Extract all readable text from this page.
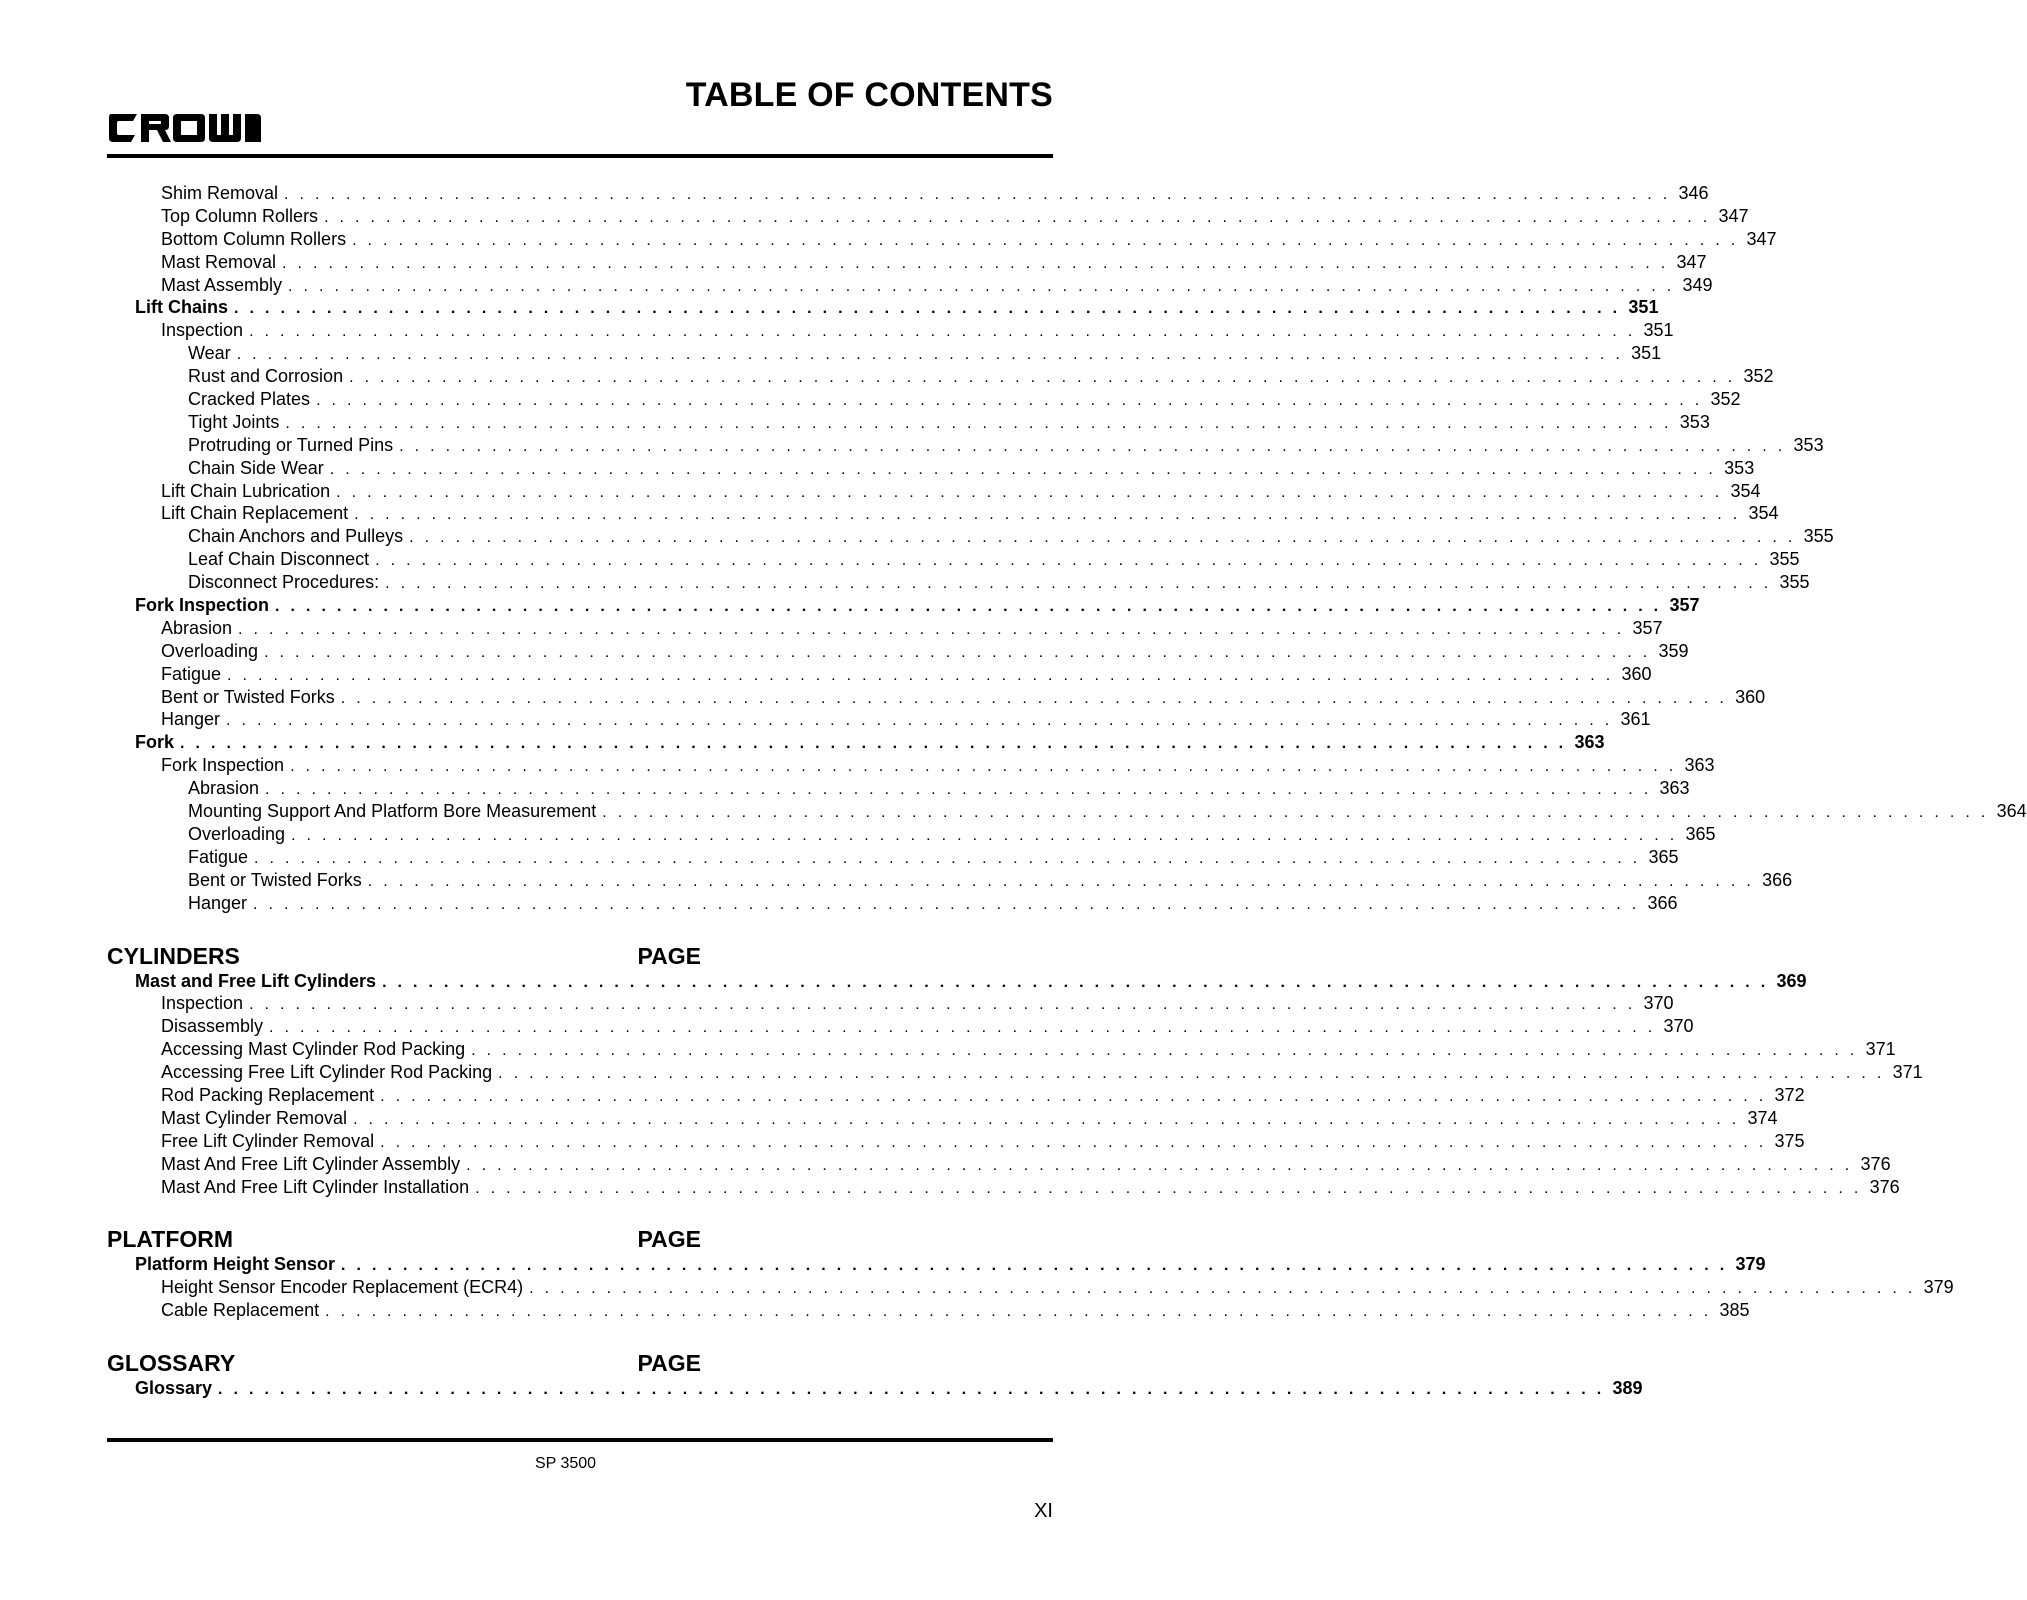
TABLE OF CONTENTS
Shim Removal . . . . . . . . . . . . . . . . . . . . . . . . . . . . . . . . . . . . . . . . . . . . . . . . . . . . . . . . . . . . . . . . . . . . . . . . . . . . . . . . . . . . . . . . . . 346
Top Column Rollers . . . . . . . . . . . . . . . . . . . . . . . . . . . . . . . . . . . . . . . . . . . . . . . . . . . . . . . . . . . . . . . . . . . . . . . . . . . . . . . . . . . . . . . . . . 347
Bottom Column Rollers . . . . . . . . . . . . . . . . . . . . . . . . . . . . . . . . . . . . . . . . . . . . . . . . . . . . . . . . . . . . . . . . . . . . . . . . . . . . . . . . . . . . . . . . . . 347
Mast Removal . . . . . . . . . . . . . . . . . . . . . . . . . . . . . . . . . . . . . . . . . . . . . . . . . . . . . . . . . . . . . . . . . . . . . . . . . . . . . . . . . . . . . . . . . . 347
Mast Assembly . . . . . . . . . . . . . . . . . . . . . . . . . . . . . . . . . . . . . . . . . . . . . . . . . . . . . . . . . . . . . . . . . . . . . . . . . . . . . . . . . . . . . . . . . . 349
Lift Chains . . . . . . . . . . . . . . . . . . . . . . . . . . . . . . . . . . . . . . . . . . . . . . . . . . . . . . . . . . . . . . . . . . . . . . . . . . . . . . . . . . . . . . . . . . 351
Inspection . . . . . . . . . . . . . . . . . . . . . . . . . . . . . . . . . . . . . . . . . . . . . . . . . . . . . . . . . . . . . . . . . . . . . . . . . . . . . . . . . . . . . . . . . . 351
Wear . . . . . . . . . . . . . . . . . . . . . . . . . . . . . . . . . . . . . . . . . . . . . . . . . . . . . . . . . . . . . . . . . . . . . . . . . . . . . . . . . . . . . . . . . . 351
Rust and Corrosion . . . . . . . . . . . . . . . . . . . . . . . . . . . . . . . . . . . . . . . . . . . . . . . . . . . . . . . . . . . . . . . . . . . . . . . . . . . . . . . . . . . . . . . . . . 352
Cracked Plates . . . . . . . . . . . . . . . . . . . . . . . . . . . . . . . . . . . . . . . . . . . . . . . . . . . . . . . . . . . . . . . . . . . . . . . . . . . . . . . . . . . . . . . . . . 352
Tight Joints . . . . . . . . . . . . . . . . . . . . . . . . . . . . . . . . . . . . . . . . . . . . . . . . . . . . . . . . . . . . . . . . . . . . . . . . . . . . . . . . . . . . . . . . . . 353
Protruding or Turned Pins . . . . . . . . . . . . . . . . . . . . . . . . . . . . . . . . . . . . . . . . . . . . . . . . . . . . . . . . . . . . . . . . . . . . . . . . . . . . . . . . . . . . . . . . . . 353
Chain Side Wear . . . . . . . . . . . . . . . . . . . . . . . . . . . . . . . . . . . . . . . . . . . . . . . . . . . . . . . . . . . . . . . . . . . . . . . . . . . . . . . . . . . . . . . . . . 353
Lift Chain Lubrication . . . . . . . . . . . . . . . . . . . . . . . . . . . . . . . . . . . . . . . . . . . . . . . . . . . . . . . . . . . . . . . . . . . . . . . . . . . . . . . . . . . . . . . . . . 354
Lift Chain Replacement . . . . . . . . . . . . . . . . . . . . . . . . . . . . . . . . . . . . . . . . . . . . . . . . . . . . . . . . . . . . . . . . . . . . . . . . . . . . . . . . . . . . . . . . . . 354
Chain Anchors and Pulleys . . . . . . . . . . . . . . . . . . . . . . . . . . . . . . . . . . . . . . . . . . . . . . . . . . . . . . . . . . . . . . . . . . . . . . . . . . . . . . . . . . . . . . . . . . 355
Leaf Chain Disconnect . . . . . . . . . . . . . . . . . . . . . . . . . . . . . . . . . . . . . . . . . . . . . . . . . . . . . . . . . . . . . . . . . . . . . . . . . . . . . . . . . . . . . . . . . . 355
Disconnect Procedures: . . . . . . . . . . . . . . . . . . . . . . . . . . . . . . . . . . . . . . . . . . . . . . . . . . . . . . . . . . . . . . . . . . . . . . . . . . . . . . . . . . . . . . . . . . 355
Fork Inspection . . . . . . . . . . . . . . . . . . . . . . . . . . . . . . . . . . . . . . . . . . . . . . . . . . . . . . . . . . . . . . . . . . . . . . . . . . . . . . . . . . . . . . . . . . 357
Abrasion . . . . . . . . . . . . . . . . . . . . . . . . . . . . . . . . . . . . . . . . . . . . . . . . . . . . . . . . . . . . . . . . . . . . . . . . . . . . . . . . . . . . . . . . . . 357
Overloading . . . . . . . . . . . . . . . . . . . . . . . . . . . . . . . . . . . . . . . . . . . . . . . . . . . . . . . . . . . . . . . . . . . . . . . . . . . . . . . . . . . . . . . . . . 359
Fatigue . . . . . . . . . . . . . . . . . . . . . . . . . . . . . . . . . . . . . . . . . . . . . . . . . . . . . . . . . . . . . . . . . . . . . . . . . . . . . . . . . . . . . . . . . . 360
Bent or Twisted Forks . . . . . . . . . . . . . . . . . . . . . . . . . . . . . . . . . . . . . . . . . . . . . . . . . . . . . . . . . . . . . . . . . . . . . . . . . . . . . . . . . . . . . . . . . . 360
Hanger . . . . . . . . . . . . . . . . . . . . . . . . . . . . . . . . . . . . . . . . . . . . . . . . . . . . . . . . . . . . . . . . . . . . . . . . . . . . . . . . . . . . . . . . . . 361
Fork . . . . . . . . . . . . . . . . . . . . . . . . . . . . . . . . . . . . . . . . . . . . . . . . . . . . . . . . . . . . . . . . . . . . . . . . . . . . . . . . . . . . . . . . . . 363
Fork Inspection . . . . . . . . . . . . . . . . . . . . . . . . . . . . . . . . . . . . . . . . . . . . . . . . . . . . . . . . . . . . . . . . . . . . . . . . . . . . . . . . . . . . . . . . . . 363
Abrasion . . . . . . . . . . . . . . . . . . . . . . . . . . . . . . . . . . . . . . . . . . . . . . . . . . . . . . . . . . . . . . . . . . . . . . . . . . . . . . . . . . . . . . . . . . 363
Mounting Support And Platform Bore Measurement . . . . . . . . . . . . . . . . . . . . . . . . . . . . . . . . . . . . . . . . . . . . . . . . . . . . . . . . . . . . . . . . . . . . . . . . . . . . . . . . . . . . . . . . . . 364
Overloading . . . . . . . . . . . . . . . . . . . . . . . . . . . . . . . . . . . . . . . . . . . . . . . . . . . . . . . . . . . . . . . . . . . . . . . . . . . . . . . . . . . . . . . . . . 365
Fatigue . . . . . . . . . . . . . . . . . . . . . . . . . . . . . . . . . . . . . . . . . . . . . . . . . . . . . . . . . . . . . . . . . . . . . . . . . . . . . . . . . . . . . . . . . . 365
Bent or Twisted Forks . . . . . . . . . . . . . . . . . . . . . . . . . . . . . . . . . . . . . . . . . . . . . . . . . . . . . . . . . . . . . . . . . . . . . . . . . . . . . . . . . . . . . . . . . . 366
Hanger . . . . . . . . . . . . . . . . . . . . . . . . . . . . . . . . . . . . . . . . . . . . . . . . . . . . . . . . . . . . . . . . . . . . . . . . . . . . . . . . . . . . . . . . . . 366
CYLINDERS	PAGE
Mast and Free Lift Cylinders . . . . . . . . . . . . . . . . . . . . . . . . . . . . . . . . . . . . . . . . . . . . . . . . . . . . . . . . . . . . . . . . . . . . . . . . . . . . . . . . . . . . . . . . . . 369
Inspection . . . . . . . . . . . . . . . . . . . . . . . . . . . . . . . . . . . . . . . . . . . . . . . . . . . . . . . . . . . . . . . . . . . . . . . . . . . . . . . . . . . . . . . . . . 370
Disassembly . . . . . . . . . . . . . . . . . . . . . . . . . . . . . . . . . . . . . . . . . . . . . . . . . . . . . . . . . . . . . . . . . . . . . . . . . . . . . . . . . . . . . . . . . . 370
Accessing Mast Cylinder Rod Packing . . . . . . . . . . . . . . . . . . . . . . . . . . . . . . . . . . . . . . . . . . . . . . . . . . . . . . . . . . . . . . . . . . . . . . . . . . . . . . . . . . . . . . . . . . 371
Accessing Free Lift Cylinder Rod Packing . . . . . . . . . . . . . . . . . . . . . . . . . . . . . . . . . . . . . . . . . . . . . . . . . . . . . . . . . . . . . . . . . . . . . . . . . . . . . . . . . . . . . . . . . . 371
Rod Packing Replacement . . . . . . . . . . . . . . . . . . . . . . . . . . . . . . . . . . . . . . . . . . . . . . . . . . . . . . . . . . . . . . . . . . . . . . . . . . . . . . . . . . . . . . . . . . 372
Mast Cylinder Removal . . . . . . . . . . . . . . . . . . . . . . . . . . . . . . . . . . . . . . . . . . . . . . . . . . . . . . . . . . . . . . . . . . . . . . . . . . . . . . . . . . . . . . . . . . 374
Free Lift Cylinder Removal . . . . . . . . . . . . . . . . . . . . . . . . . . . . . . . . . . . . . . . . . . . . . . . . . . . . . . . . . . . . . . . . . . . . . . . . . . . . . . . . . . . . . . . . . . 375
Mast And Free Lift Cylinder Assembly . . . . . . . . . . . . . . . . . . . . . . . . . . . . . . . . . . . . . . . . . . . . . . . . . . . . . . . . . . . . . . . . . . . . . . . . . . . . . . . . . . . . . . . . . . 376
Mast And Free Lift Cylinder Installation . . . . . . . . . . . . . . . . . . . . . . . . . . . . . . . . . . . . . . . . . . . . . . . . . . . . . . . . . . . . . . . . . . . . . . . . . . . . . . . . . . . . . . . . . . 376
PLATFORM	PAGE
Platform Height Sensor . . . . . . . . . . . . . . . . . . . . . . . . . . . . . . . . . . . . . . . . . . . . . . . . . . . . . . . . . . . . . . . . . . . . . . . . . . . . . . . . . . . . . . . . . . 379
Height Sensor Encoder Replacement (ECR4) . . . . . . . . . . . . . . . . . . . . . . . . . . . . . . . . . . . . . . . . . . . . . . . . . . . . . . . . . . . . . . . . . . . . . . . . . . . . . . . . . . . . . . . . . . 379
Cable Replacement . . . . . . . . . . . . . . . . . . . . . . . . . . . . . . . . . . . . . . . . . . . . . . . . . . . . . . . . . . . . . . . . . . . . . . . . . . . . . . . . . . . . . . . . . . 385
GLOSSARY	PAGE
Glossary . . . . . . . . . . . . . . . . . . . . . . . . . . . . . . . . . . . . . . . . . . . . . . . . . . . . . . . . . . . . . . . . . . . . . . . . . . . . . . . . . . . . . . . . . . 389
SP 3500
XI
